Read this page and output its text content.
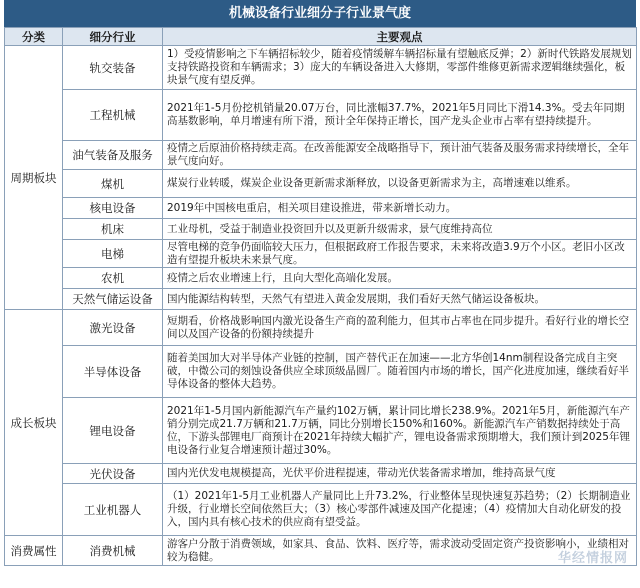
机械设备行业细分子行业景气度
分类	细分行业	主要观点
周期板块	轨交装备	1）受疫情影响之下车辆招标较少，随着疫情缓解车辆招标量有望触底反弹；2）新时代铁路发展规划支持铁路投资和车辆需求；3）庞大的车辆设备进入大修期，零部件维修更新需求逻辑继续强化，板块景气度有望反弹。
	工程机械	2021年1-5月份挖机销量20.07万台，同比涨幅37.7%，2021年5月同比下滑14.3%。受去年同期高基数影响，单月增速有所下滑，预计全年保持正增长，国产龙头企业市占率有望持续提升。
	油气装备及服务	疫情之后原油价格持续走高。在改善能源安全战略指导下，预计油气装备及服务需求持续增长，全年景气度向好。
	煤机	煤炭行业转暖，煤炭企业设备更新需求渐释放，以设备更新需求为主，高增速难以维系。
	核电设备	2019年中国核电重启，相关项目建设推进，带来新增长动力。
	机床	工业母机，受益于制造业投资回升以及更新升级需求，景气度维持高位
	电梯	尽管电梯的竞争仍面临较大压力，但根据政府工作报告要求，未来将改造3.9万个小区。老旧小区改造有望提升板块未来景气度。
	农机	疫情之后农业增速上行，且向大型化高端化发展。
	天然气储运设备	国内能源结构转型，天然气有望进入黄金发展期，我们看好天然气储运设备板块。
成长板块	激光设备	短期看，价格战影响国内激光设备生产商的盈利能力，但其市占率也在同步提升。看好行业的增长空间以及国产设备的份额持续提升
	半导体设备	随着美国加大对半导体产业链的控制，国产替代正在加速——北方华创14nm制程设备完成自主突破，中微公司的刻蚀设备供应全球顶级晶圆厂。随着国内市场的增长，国产化进度加速，继续看好半导体设备的整体大趋势。
	锂电设备	2021年1-5月国内新能源汽车产量约102万辆，累计同比增长238.9%。2021年5月，新能源汽车产销分别完成21.7万辆和21.7万辆，同比分别增长150%和160%。新能源汽车产销数据持续处于高位，下游头部锂电厂商预计在2021年持续大幅扩产，锂电设备需求预期增大，我们预计到2025年锂电设备行业复合增速预计超过30%。
	光伏设备	国内光伏发电规模提高，光伏平价进程提速，带动光伏装备需求增加，维持高景气度
	工业机器人	（1）2021年1-5月工业机器人产量同比上升73.2%，行业整体呈现快速复苏趋势；（2）长期制造业升级，行业增长空间依然巨大；（3）核心零部件减速及国产化提速；（4）疫情加大自动化研发的投入，国内具有核心技术的供应商有望受益。
消费属性	消费机械	游客户分散于消费领域，如家具、食品、饮料、医疗等，需求波动受固定资产投资影响小，业绩相对较为稳健。	华经情报网
